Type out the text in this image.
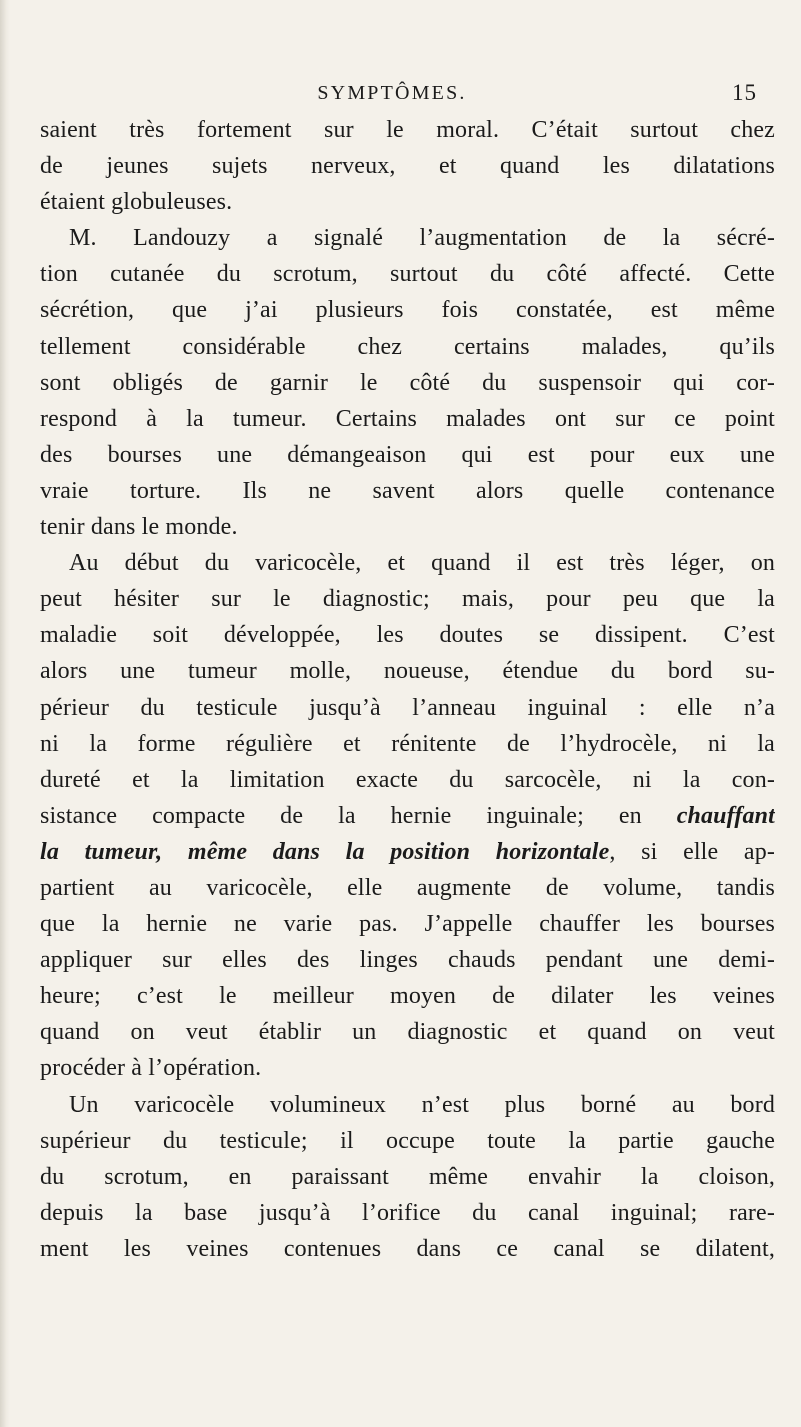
SYMPTÔMES.	15
saient très fortement sur le moral. C’était surtout chez
de jeunes sujets nerveux, et quand les dilatations
étaient globuleuses.
M. Landouzy a signalé l’augmentation de la sécré-
tion cutanée du scrotum, surtout du côté affecté. Cette
sécrétion, que j’ai plusieurs fois constatée, est même
tellement considérable chez certains malades, qu’ils
sont obligés de garnir le côté du suspensoir qui cor-
respond à la tumeur. Certains malades ont sur ce point
des bourses une démangeaison qui est pour eux une
vraie torture. Ils ne savent alors quelle contenance
tenir dans le monde.
Au début du varicocèle, et quand il est très léger, on
peut hésiter sur le diagnostic; mais, pour peu que la
maladie soit développée, les doutes se dissipent. C’est
alors une tumeur molle, noueuse, étendue du bord su-
périeur du testicule jusqu’à l’anneau inguinal : elle n’a
ni la forme régulière et rénitente de l’hydrocèle, ni la
dureté et la limitation exacte du sarcocèle, ni la con-
sistance compacte de la hernie inguinale; en chauffant
la tumeur, même dans la position horizontale, si elle ap-
partient au varicocèle, elle augmente de volume, tandis
que la hernie ne varie pas. J’appelle chauffer les bourses
appliquer sur elles des linges chauds pendant une demi-
heure; c’est le meilleur moyen de dilater les veines
quand on veut établir un diagnostic et quand on veut
procéder à l’opération.
Un varicocèle volumineux n’est plus borné au bord
supérieur du testicule; il occupe toute la partie gauche
du scrotum, en paraissant même envahir la cloison,
depuis la base jusqu’à l’orifice du canal inguinal; rare-
ment les veines contenues dans ce canal se dilatent,
